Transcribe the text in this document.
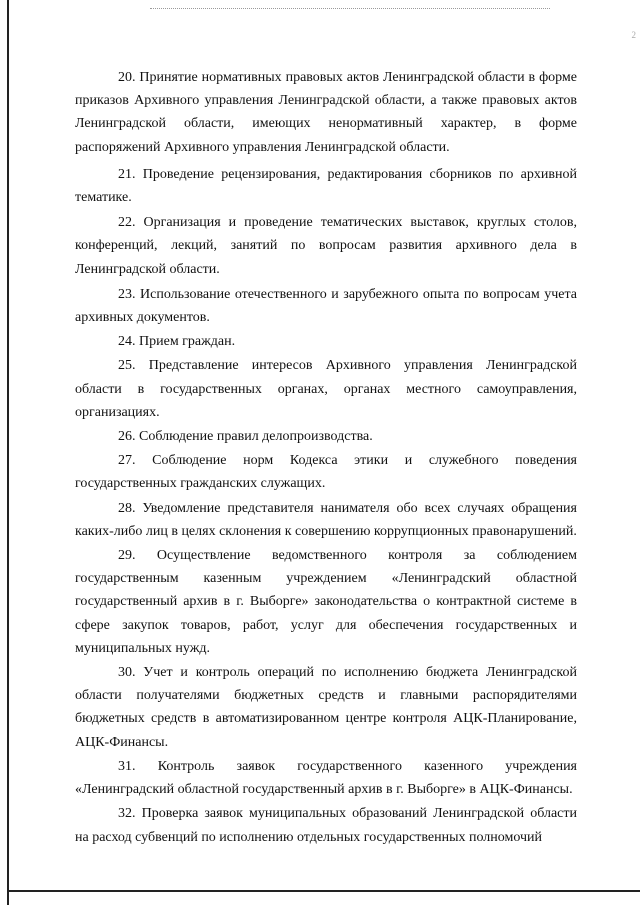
2

20. Принятие нормативных правовых актов Ленинградской области в форме приказов Архивного управления Ленинградской области, а также правовых актов Ленинградской области, имеющих ненормативный характер, в форме распоряжений Архивного управления Ленинградской области.

21. Проведение рецензирования, редактирования сборников по архивной тематике.

22. Организация и проведение тематических выставок, круглых столов, конференций, лекций, занятий по вопросам развития архивного дела в Ленинградской области.

23. Использование отечественного и зарубежного опыта по вопросам учета архивных документов.

24. Прием граждан.

25. Представление интересов Архивного управления Ленинградской области в государственных органах, органах местного самоуправления, организациях.

26. Соблюдение правил делопроизводства.

27. Соблюдение норм Кодекса этики и служебного поведения государственных гражданских служащих.

28. Уведомление представителя нанимателя обо всех случаях обращения каких-либо лиц в целях склонения к совершению коррупционных правонарушений.

29. Осуществление ведомственного контроля за соблюдением государственным казенным учреждением «Ленинградский областной государственный архив в г. Выборге» законодательства о контрактной системе в сфере закупок товаров, работ, услуг для обеспечения государственных и муниципальных нужд.

30. Учет и контроль операций по исполнению бюджета Ленинградской области получателями бюджетных средств и главными распорядителями бюджетных средств в автоматизированном центре контроля АЦК-Планирование, АЦК-Финансы.

31. Контроль заявок государственного казенного учреждения «Ленинградский областной государственный архив в г. Выборге» в АЦК-Финансы.

32. Проверка заявок муниципальных образований Ленинградской области на расход субвенций по исполнению отдельных государственных полномочий
